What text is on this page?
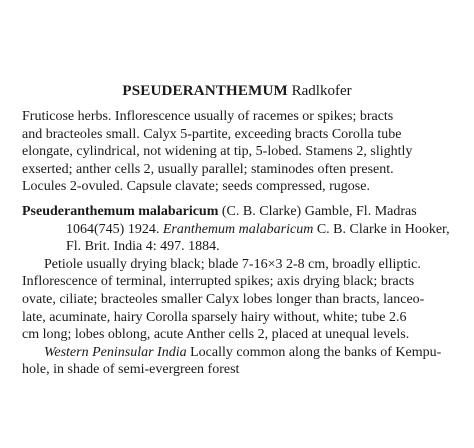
PSEUDERANTHEMUM Radlkofer
Fruticose herbs. Inflorescence usually of racemes or spikes; bracts
and bracteoles small. Calyx 5-partite, exceeding bracts Corolla tube
elongate, cylindrical, not widening at tip, 5-lobed. Stamens 2, slightly
exserted; anther cells 2, usually parallel; staminodes often present.
Locules 2-ovuled. Capsule clavate; seeds compressed, rugose.
Pseuderanthemum malabaricum (C. B. Clarke) Gamble, Fl. Madras
1064(745) 1924. Eranthemum malabaricum C. B. Clarke in Hooker,
Fl. Brit. India 4: 497. 1884.
Petiole usually drying black; blade 7-16×3 2-8 cm, broadly elliptic.
Inflorescence of terminal, interrupted spikes; axis drying black; bracts
ovate, ciliate; bracteoles smaller Calyx lobes longer than bracts, lanceo-
late, acuminate, hairy Corolla sparsely hairy without, white; tube 2.6
cm long; lobes oblong, acute Anther cells 2, placed at unequal levels.
Western Peninsular India Locally common along the banks of Kempu-
hole, in shade of semi-evergreen forest
